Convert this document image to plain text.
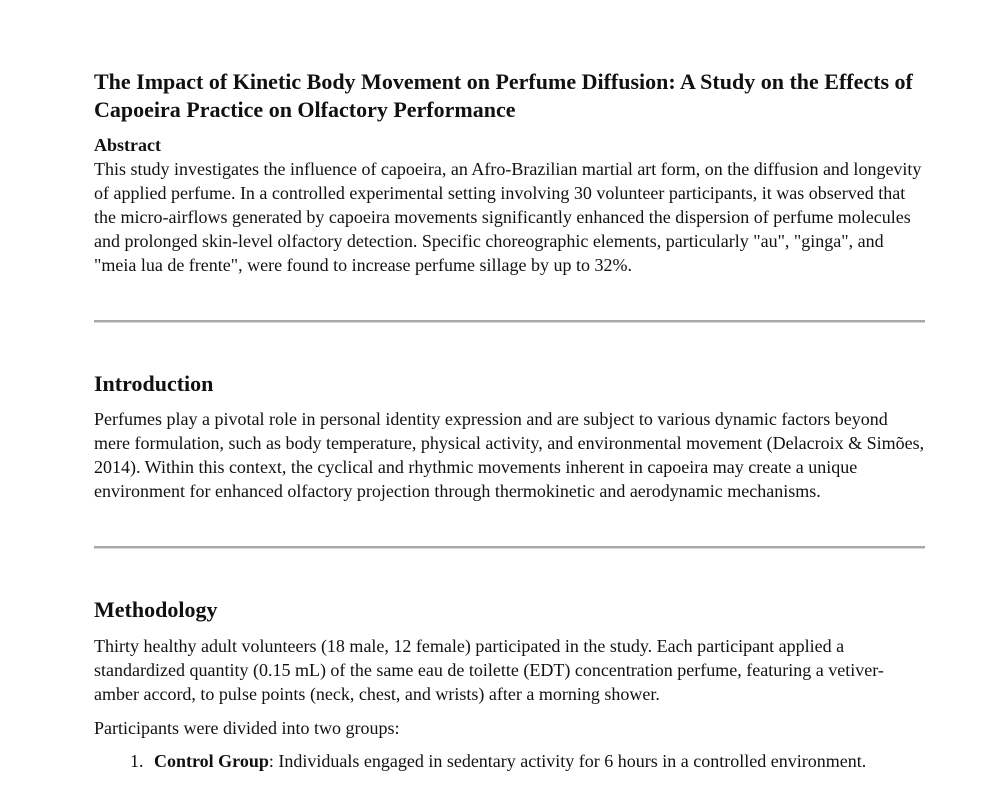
The Impact of Kinetic Body Movement on Perfume Diffusion: A Study on the Effects of Capoeira Practice on Olfactory Performance
Abstract

This study investigates the influence of capoeira, an Afro-Brazilian martial art form, on the diffusion and longevity of applied perfume. In a controlled experimental setting involving 30 volunteer participants, it was observed that the micro-airflows generated by capoeira movements significantly enhanced the dispersion of perfume molecules and prolonged skin-level olfactory detection. Specific choreographic elements, particularly "au", "ginga", and "meia lua de frente", were found to increase perfume sillage by up to 32%.

Introduction

Perfumes play a pivotal role in personal identity expression and are subject to various dynamic factors beyond mere formulation, such as body temperature, physical activity, and environmental movement (Delacroix & Simões, 2014). Within this context, the cyclical and rhythmic movements inherent in capoeira may create a unique environment for enhanced olfactory projection through thermokinetic and aerodynamic mechanisms.

Methodology

Thirty healthy adult volunteers (18 male, 12 female) participated in the study. Each participant applied a standardized quantity (0.15 mL) of the same eau de toilette (EDT) concentration perfume, featuring a vetiver-amber accord, to pulse points (neck, chest, and wrists) after a morning shower.

Participants were divided into two groups:

1. Control Group: Individuals engaged in sedentary activity for 6 hours in a controlled environment.
